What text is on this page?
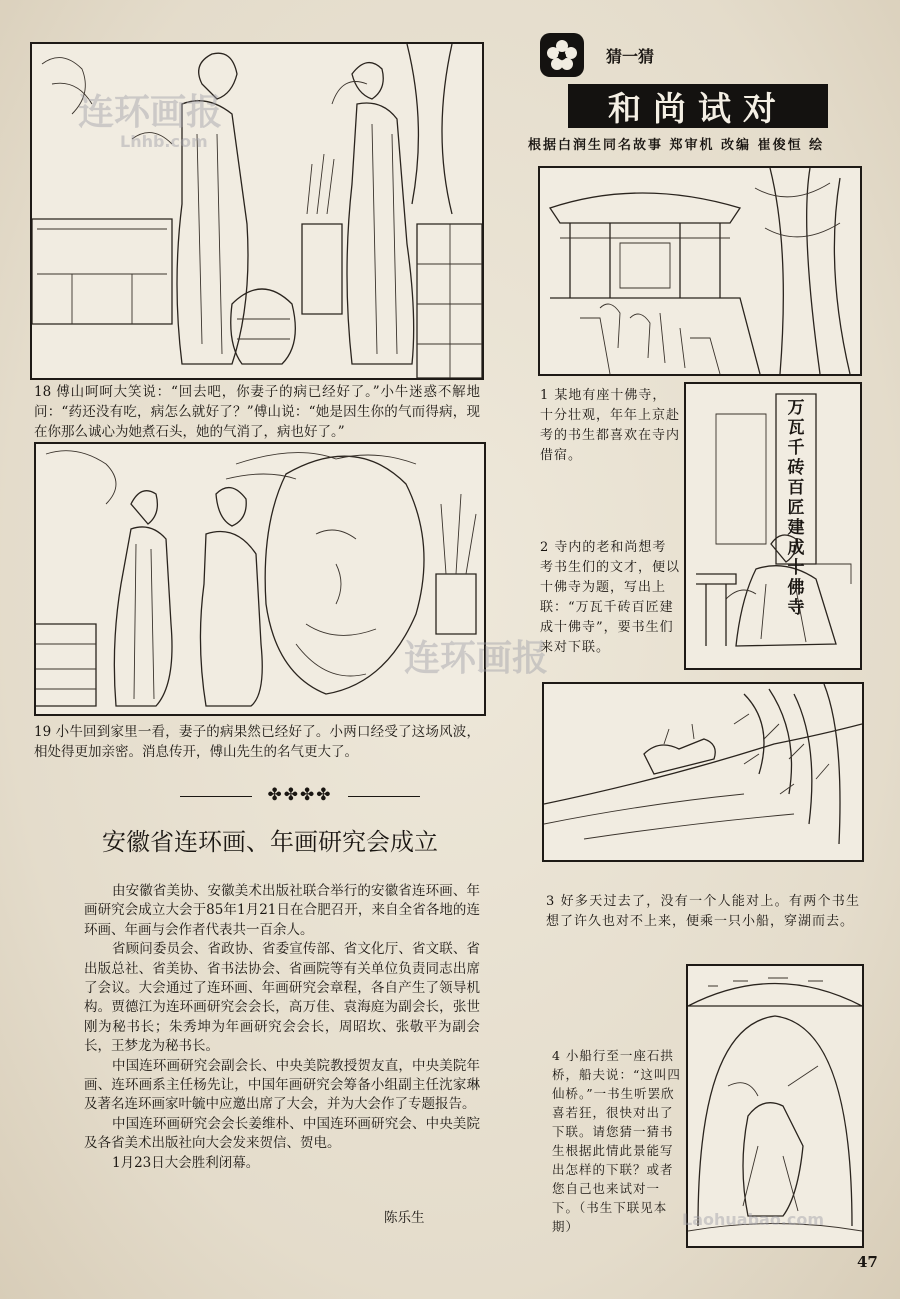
18 傅山呵呵大笑说：“回去吧，你妻子的病已经好了。”小牛迷惑不解地问：“药还没有吃，病怎么就好了？”傅山说：“她是因生你的气而得病，现在你那么诚心为她煮石头，她的气消了，病也好了。”
19 小牛回到家里一看，妻子的病果然已经好了。小两口经受了这场风波，相处得更加亲密。消息传开，傅山先生的名气更大了。
✤✤✤✤
安徽省连环画、年画研究会成立

由安徽省美协、安徽美术出版社联合举行的安徽省连环画、年画研究会成立大会于85年1月21日在合肥召开，来自全省各地的连环画、年画与会作者代表共一百余人。

省顾问委员会、省政协、省委宣传部、省文化厅、省文联、省出版总社、省美协、省书法协会、省画院等有关单位负责同志出席了会议。大会通过了连环画、年画研究会章程，各自产生了领导机构。贾德江为连环画研究会会长，高万佳、袁海庭为副会长，张世刚为秘书长；朱秀坤为年画研究会会长，周昭坎、张敬平为副会长，王梦龙为秘书长。

中国连环画研究会副会长、中央美院教授贺友直，中央美院年画、连环画系主任杨先让，中国年画研究会筹备小组副主任沈家琳及著名连环画家叶毓中应邀出席了大会，并为大会作了专题报告。

中国连环画研究会会长姜维朴、中国连环画研究会、中央美院及各省美术出版社向大会发来贺信、贺电。

1月23日大会胜利闭幕。

陈乐生
猜一猜
和尚试对
根据白润生同名故事 郑审机 改编 崔俊恒 绘
1 某地有座十佛寺，十分壮观，年年上京赴考的书生都喜欢在寺内借宿。
万瓦千砖百匠建成十佛寺
2 寺内的老和尚想考考书生们的文才，便以十佛寺为题，写出上联：“万瓦千砖百匠建成十佛寺”，要书生们来对下联。
3 好多天过去了，没有一个人能对上。有两个书生想了许久也对不上来，便乘一只小船，穿湖而去。
4 小船行至一座石拱桥，船夫说：“这叫四仙桥。”一书生听罢欣喜若狂，很快对出了下联。请您猜一猜书生根据此情此景能写出怎样的下联？或者您自己也来试对一下。（书生下联见本期）
47
连环画报
Lhhb.com
连环画报
Laohuabao.com
